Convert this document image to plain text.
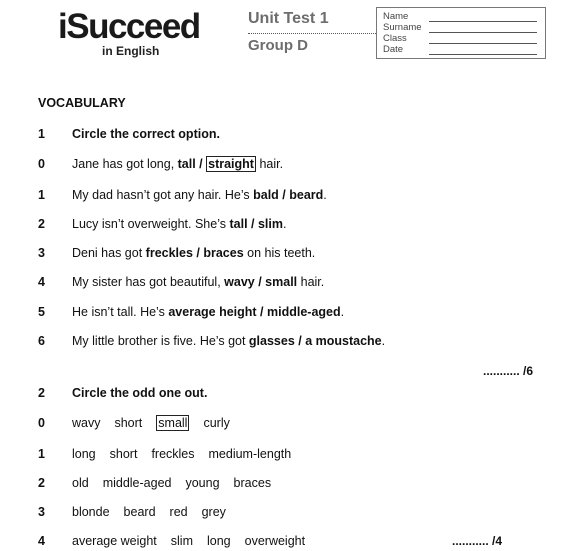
iSucceed
in English
Unit Test 1
Group D
Name
Surname
Class
Date
VOCABULARY
1 Circle the correct option.
0 Jane has got long, tall / straight hair.
1 My dad hasn’t got any hair. He’s bald / beard.
2 Lucy isn’t overweight. She’s tall / slim.
3 Deni has got freckles / braces on his teeth.
4 My sister has got beautiful, wavy / small hair.
5 He isn’t tall. He’s average height / middle-aged.
6 My little brother is five. He’s got glasses / a moustache.
........... /6
2 Circle the odd one out.
0 wavy short small curly
1 long short freckles medium-length
2 old middle-aged young braces
3 blonde beard red grey
4 average weight slim long overweight	........... /4
